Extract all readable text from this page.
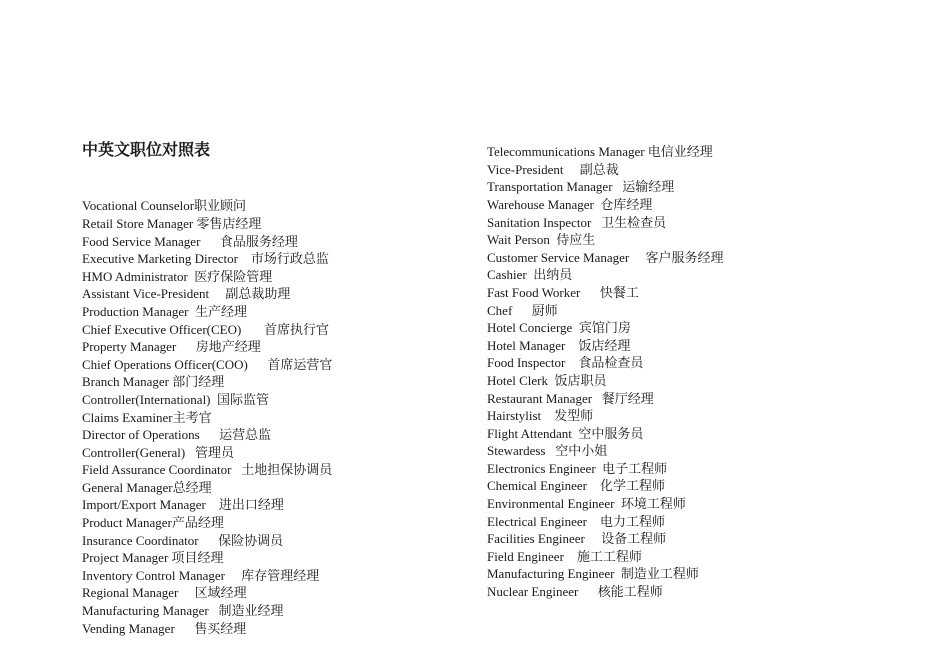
中英文职位对照表

Vocational Counselor职业顾问
Retail Store Manager 零售店经理
Food Service Manager      食品服务经理
Executive Marketing Director    市场行政总监
HMO Administrator  医疗保险管理
Assistant Vice-President     副总裁助理
Production Manager  生产经理
Chief Executive Officer(CEO)       首席执行官
Property Manager      房地产经理
Chief Operations Officer(COO)      首席运营官
Branch Manager 部门经理
Controller(International)  国际监管
Claims Examiner主考官
Director of Operations      运营总监
Controller(General)   管理员
Field Assurance Coordinator   土地担保协调员
General Manager总经理
Import/Export Manager    进出口经理
Product Manager产品经理
Insurance Coordinator      保险协调员
Project Manager 项目经理
Inventory Control Manager     库存管理经理
Regional Manager     区域经理
Manufacturing Manager   制造业经理
Vending Manager      售买经理

Telecommunications Manager 电信业经理
Vice-President     副总裁
Transportation Manager   运输经理
Warehouse Manager  仓库经理
Sanitation Inspector   卫生检查员
Wait Person  侍应生
Customer Service Manager     客户服务经理
Cashier  出纳员
Fast Food Worker      快餐工
Chef      厨师
Hotel Concierge  宾馆门房
Hotel Manager    饭店经理
Food Inspector    食品检查员
Hotel Clerk  饭店职员
Restaurant Manager   餐厅经理
Hairstylist    发型师
Flight Attendant  空中服务员
Stewardess   空中小姐
Electronics Engineer  电子工程师
Chemical Engineer    化学工程师
Environmental Engineer  环境工程师
Electrical Engineer    电力工程师
Facilities Engineer     设备工程师
Field Engineer    施工工程师
Manufacturing Engineer  制造业工程师
Nuclear Engineer      核能工程师
